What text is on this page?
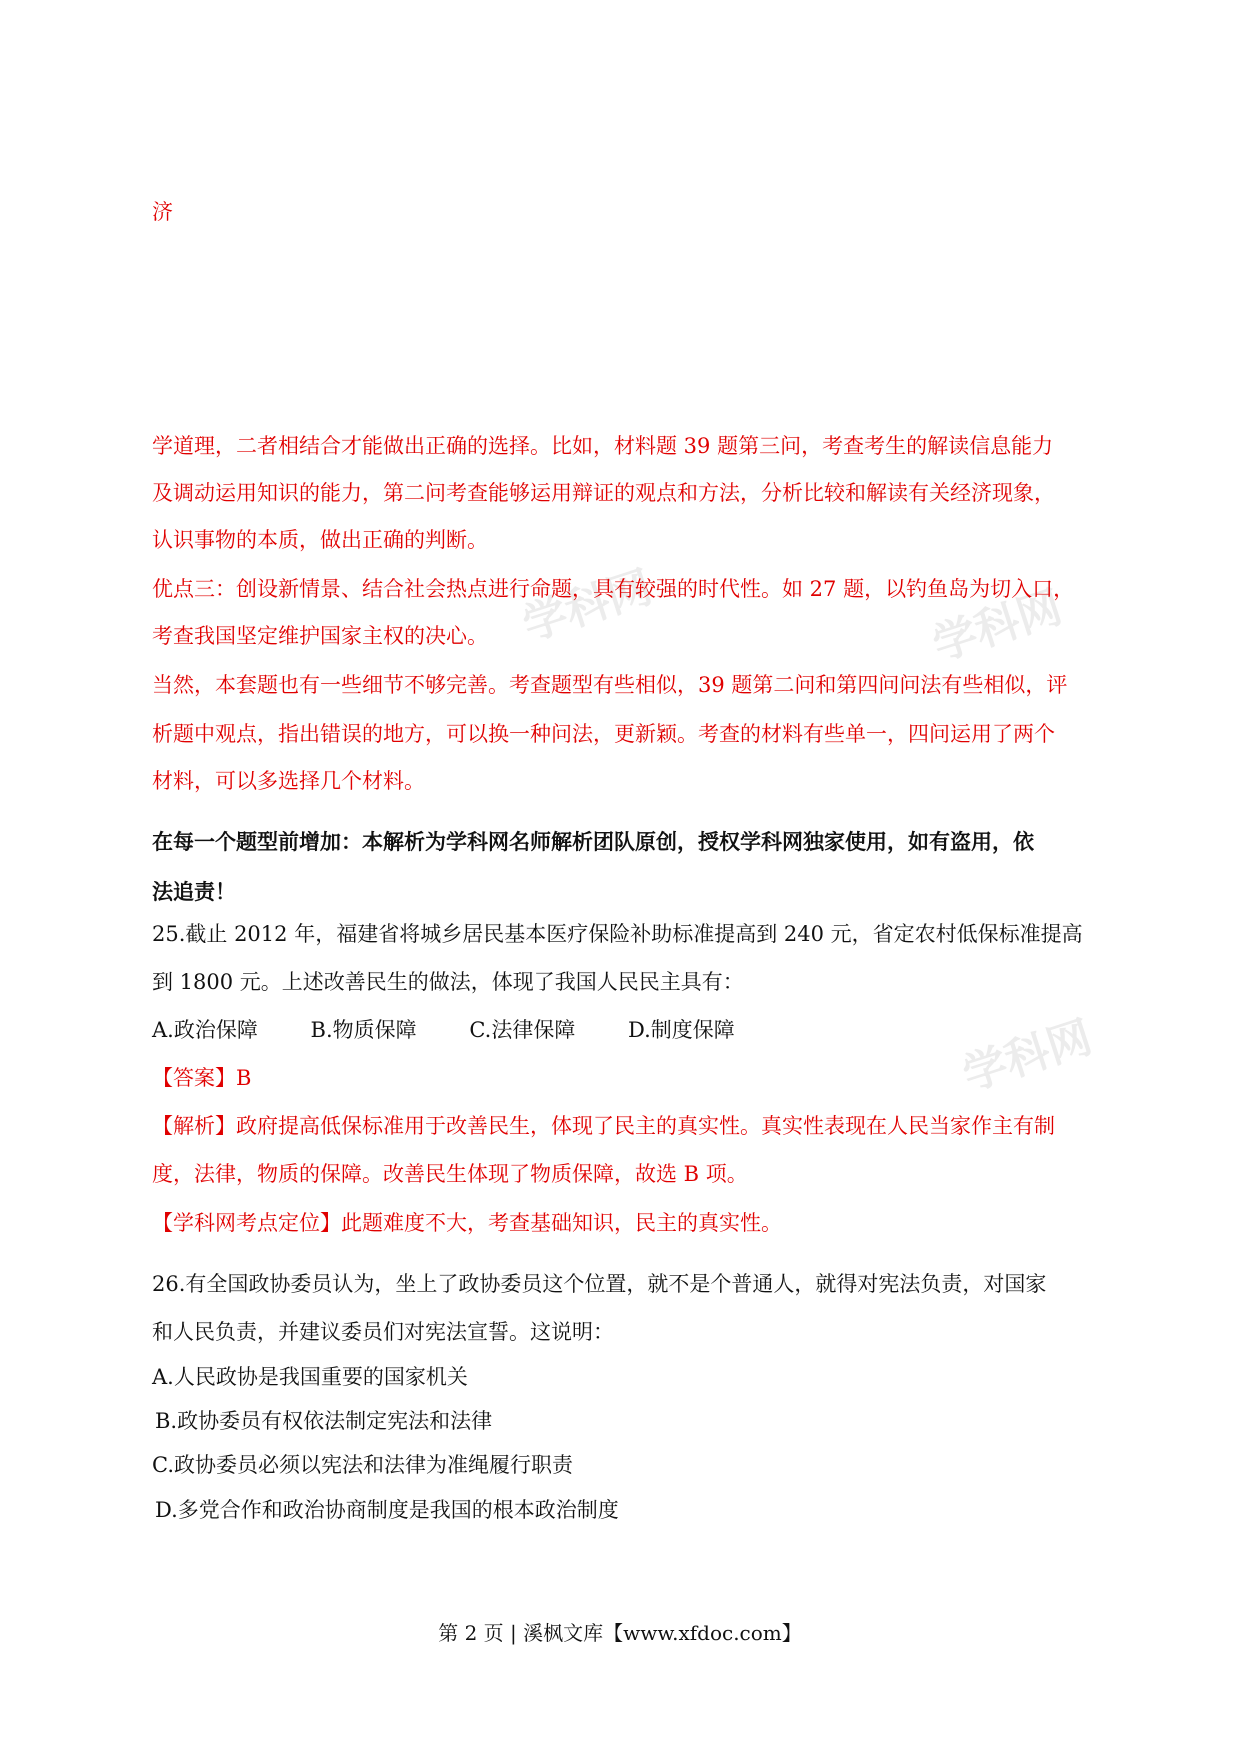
学科网	学科网
学科网
济
学道理，二者相结合才能做出正确的选择。比如，材料题 39 题第三问，考查考生的解读信息能力
及调动运用知识的能力，第二问考查能够运用辩证的观点和方法，分析比较和解读有关经济现象，
认识事物的本质，做出正确的判断。
优点三：创设新情景、结合社会热点进行命题，具有较强的时代性。如 27 题，以钓鱼岛为切入口，
考查我国坚定维护国家主权的决心。
当然，本套题也有一些细节不够完善。考查题型有些相似，39 题第二问和第四问问法有些相似，评
析题中观点，指出错误的地方，可以换一种问法，更新颖。考查的材料有些单一，四问运用了两个
材料，可以多选择几个材料。
在每一个题型前增加：本解析为学科网名师解析团队原创，授权学科网独家使用，如有盗用，依
法追责！
25.截止 2012 年，福建省将城乡居民基本医疗保险补助标准提高到 240 元，省定农村低保标准提高
到 1800 元。上述改善民生的做法，体现了我国人民民主具有：
A.政治保障	B.物质保障	C.法律保障	D.制度保障
【答案】B
【解析】政府提高低保标准用于改善民生，体现了民主的真实性。真实性表现在人民当家作主有制
度，法律，物质的保障。改善民生体现了物质保障，故选 B 项。
【学科网考点定位】此题难度不大，考查基础知识，民主的真实性。
26.有全国政协委员认为，坐上了政协委员这个位置，就不是个普通人，就得对宪法负责，对国家
和人民负责，并建议委员们对宪法宣誓。这说明：
A.人民政协是我国重要的国家机关
B.政协委员有权依法制定宪法和法律
C.政协委员必须以宪法和法律为准绳履行职责
D.多党合作和政治协商制度是我国的根本政治制度
第 2 页 | 溪枫文库【www.xfdoc.com】
